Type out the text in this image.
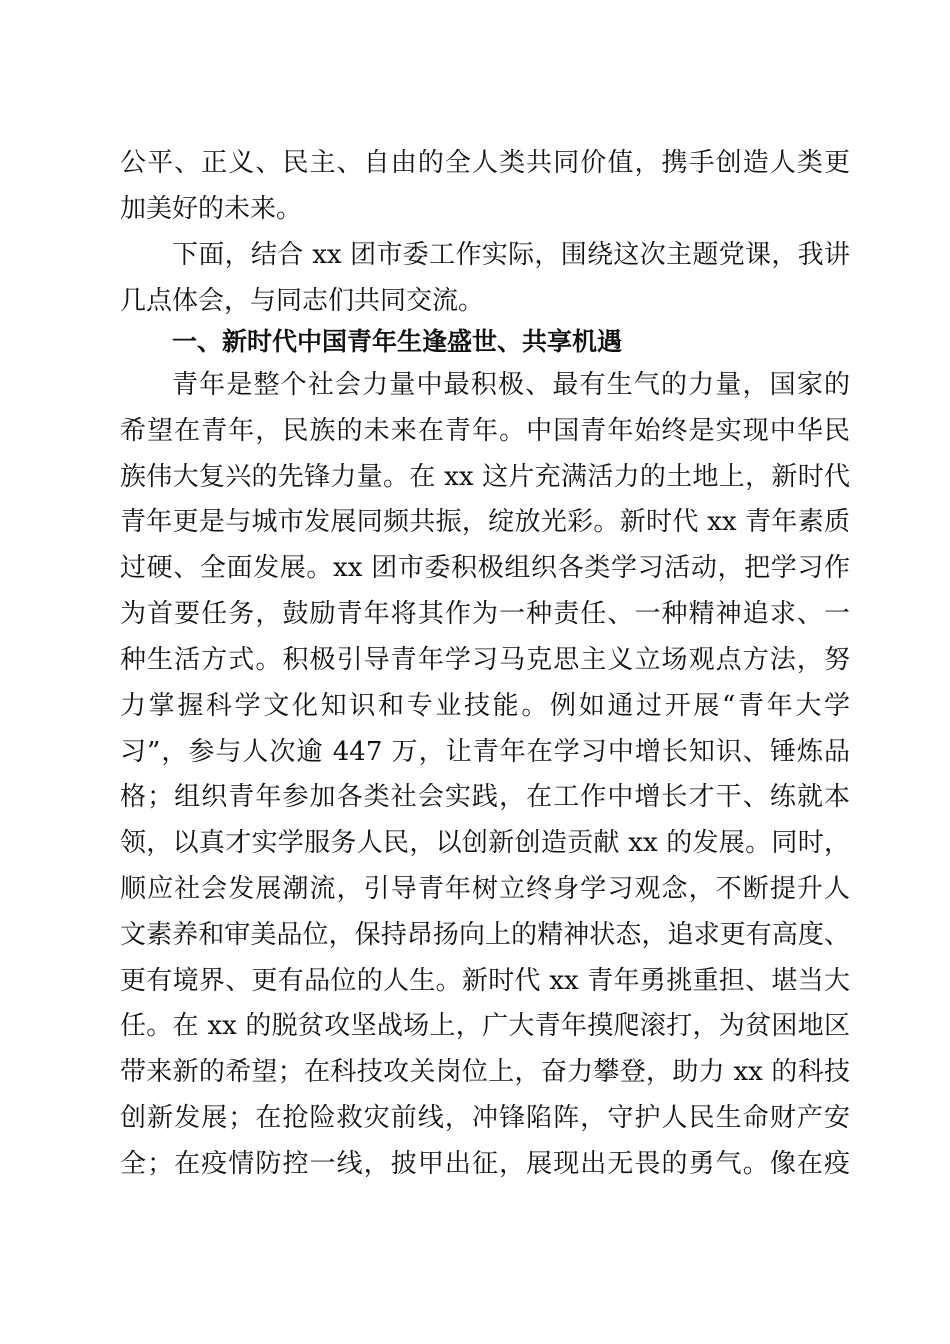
公平、正义、民主、自由的全人类共同价值，携手创造人类更
加美好的未来。
下面，结合 xx 团市委工作实际，围绕这次主题党课，我讲
几点体会，与同志们共同交流。
一、新时代中国青年生逢盛世、共享机遇
青年是整个社会力量中最积极、最有生气的力量，国家的
希望在青年，民族的未来在青年。中国青年始终是实现中华民
族伟大复兴的先锋力量。在 xx 这片充满活力的土地上，新时代
青年更是与城市发展同频共振，绽放光彩。新时代 xx 青年素质
过硬、全面发展。xx 团市委积极组织各类学习活动，把学习作
为首要任务，鼓励青年将其作为一种责任、一种精神追求、一
种生活方式。积极引导青年学习马克思主义立场观点方法，努
力掌握科学文化知识和专业技能。例如通过开展“青年大学
习”，参与人次逾 447 万，让青年在学习中增长知识、锤炼品
格；组织青年参加各类社会实践，在工作中增长才干、练就本
领，以真才实学服务人民，以创新创造贡献 xx 的发展。同时，
顺应社会发展潮流，引导青年树立终身学习观念，不断提升人
文素养和审美品位，保持昂扬向上的精神状态，追求更有高度、
更有境界、更有品位的人生。新时代 xx 青年勇挑重担、堪当大
任。在 xx 的脱贫攻坚战场上，广大青年摸爬滚打，为贫困地区
带来新的希望；在科技攻关岗位上，奋力攀登，助力 xx 的科技
创新发展；在抢险救灾前线，冲锋陷阵，守护人民生命财产安
全；在疫情防控一线，披甲出征，展现出无畏的勇气。像在疫
